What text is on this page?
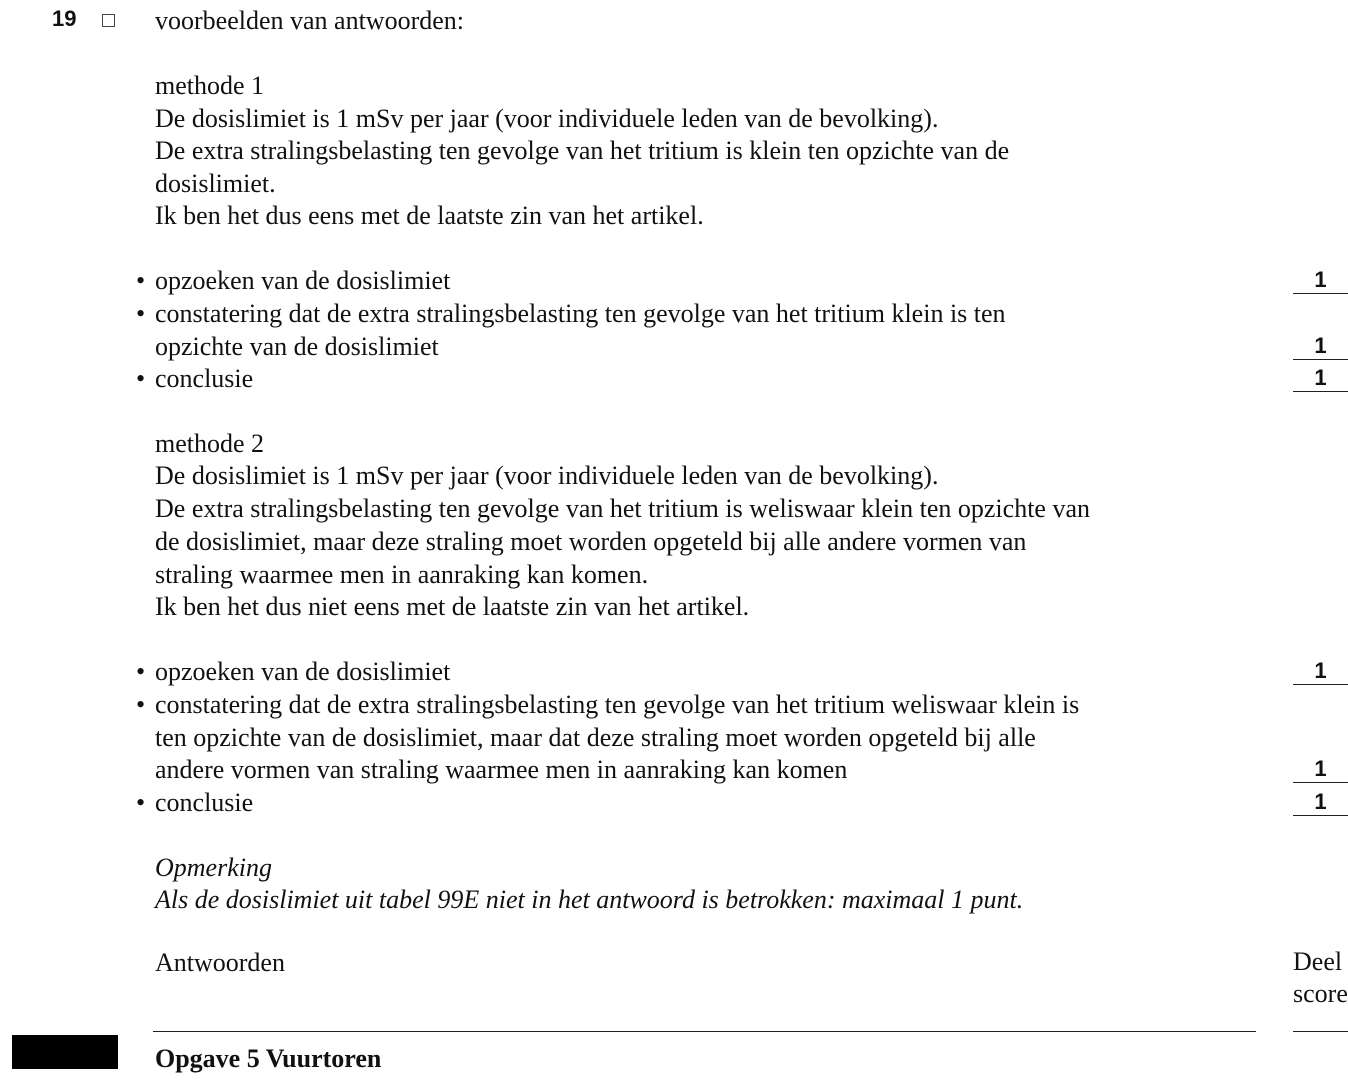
19	voorbeelden van antwoorden:
methode 1
De dosislimiet is 1 mSv per jaar (voor individuele leden van de bevolking).
De extra stralingsbelasting ten gevolge van het tritium is klein ten opzichte van de
dosislimiet.
Ik ben het dus eens met de laatste zin van het artikel.
• opzoeken van de dosislimiet
• constatering dat de extra stralingsbelasting ten gevolge van het tritium klein is ten
opzichte van de dosislimiet
• conclusie
1
1
1
methode 2
De dosislimiet is 1 mSv per jaar (voor individuele leden van de bevolking).
De extra stralingsbelasting ten gevolge van het tritium is weliswaar klein ten opzichte van
de dosislimiet, maar deze straling moet worden opgeteld bij alle andere vormen van
straling waarmee men in aanraking kan komen.
Ik ben het dus niet eens met de laatste zin van het artikel.
• opzoeken van de dosislimiet
• constatering dat de extra stralingsbelasting ten gevolge van het tritium weliswaar klein is
ten opzichte van de dosislimiet, maar dat deze straling moet worden opgeteld bij alle
andere vormen van straling waarmee men in aanraking kan komen
• conclusie
1
1
1
Opmerking
Als de dosislimiet uit tabel 99E niet in het antwoord is betrokken: maximaal 1 punt.
Antwoorden	Deel
score
Opgave 5 Vuurtoren
